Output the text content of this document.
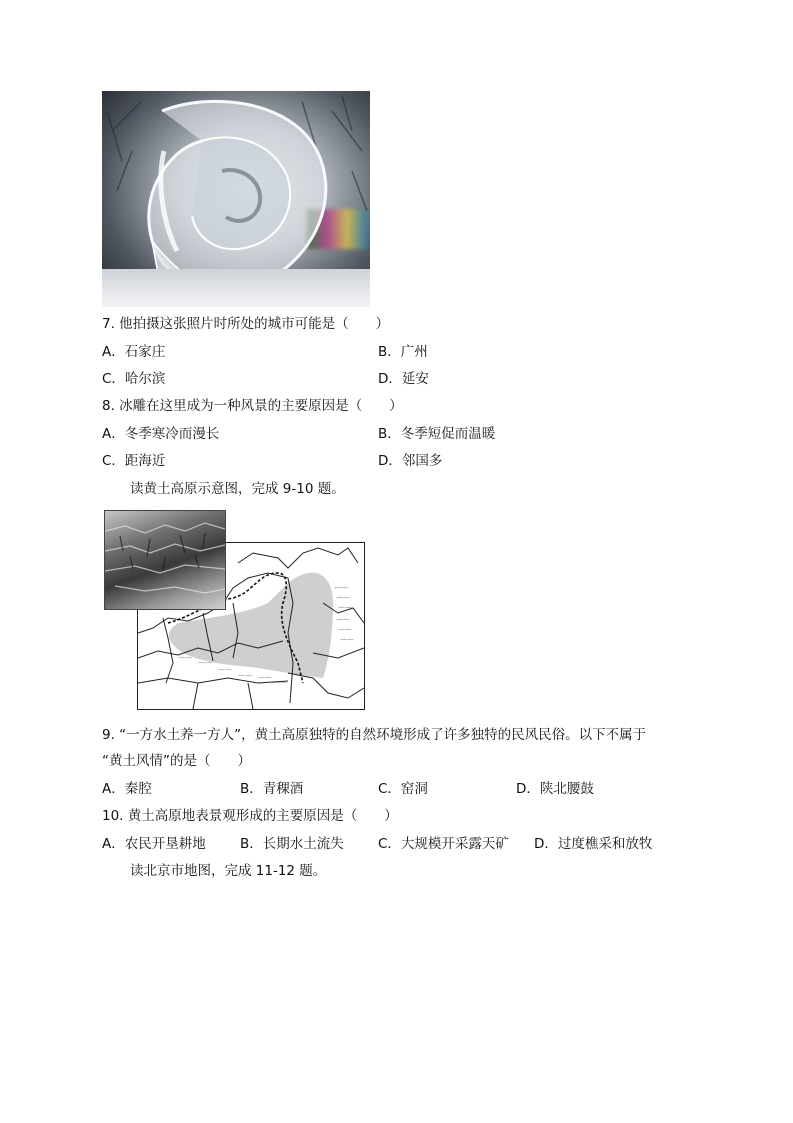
7. 他拍摄这张照片时所处的城市可能是（　　）
A．石家庄	B．广州
C．哈尔滨	D．延安
8. 冰雕在这里成为一种风景的主要原因是（　　）
A．冬季寒冷而漫长	B．冬季短促而温暖
C．距海近	D．邻国多
读黄土高原示意图，完成 9-10 题。
⌒⌒
⌒⌒
⌒⌒
⌒⌒
⌒⌒
⌒⌒
⌒⌒
⌒⌒
⌒⌒
⌒⌒ ⌒⌒
⌒⌒
9. “一方水土养一方人”，黄土高原独特的自然环境形成了许多独特的民风民俗。以下不属于
“黄土风情”的是（　　）
A．秦腔	B．青稞酒	C．窑洞	D．陕北腰鼓
10. 黄土高原地表景观形成的主要原因是（　　）
A．农民开垦耕地	B．长期水土流失	C．大规模开采露天矿 D．过度樵采和放牧
读北京市地图，完成 11-12 题。
